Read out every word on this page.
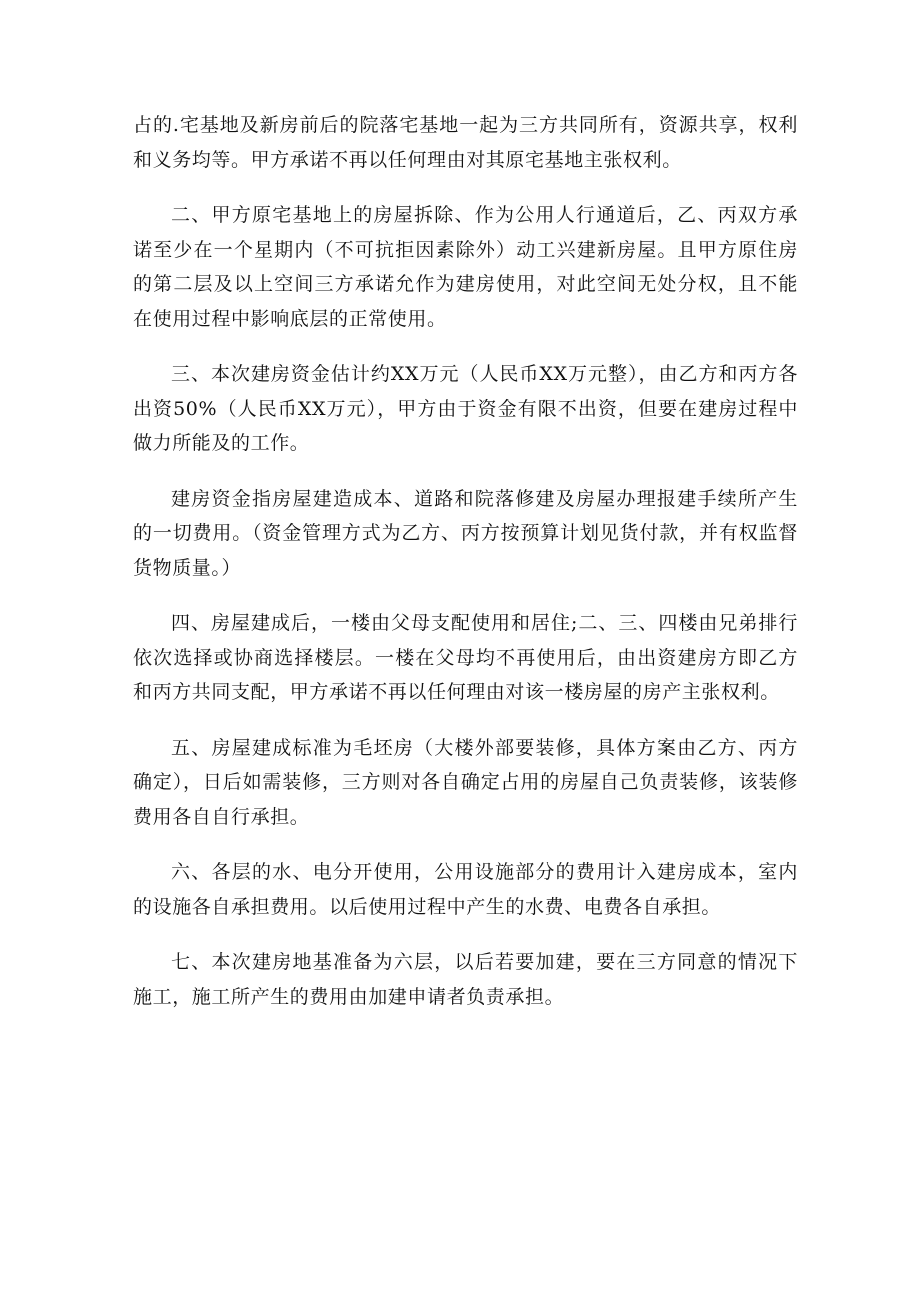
占的.宅基地及新房前后的院落宅基地一起为三方共同所有，资源共享，权利和义务均等。甲方承诺不再以任何理由对其原宅基地主张权利。

二、甲方原宅基地上的房屋拆除、作为公用人行通道后，乙、丙双方承诺至少在一个星期内（不可抗拒因素除外）动工兴建新房屋。且甲方原住房的第二层及以上空间三方承诺允作为建房使用，对此空间无处分权，且不能在使用过程中影响底层的正常使用。

三、本次建房资金估计约XX万元（人民币XX万元整），由乙方和丙方各出资50%（人民币XX万元），甲方由于资金有限不出资，但要在建房过程中做力所能及的工作。

建房资金指房屋建造成本、道路和院落修建及房屋办理报建手续所产生的一切费用。（资金管理方式为乙方、丙方按预算计划见货付款，并有权监督货物质量。）

四、房屋建成后，一楼由父母支配使用和居住;二、三、四楼由兄弟排行依次选择或协商选择楼层。一楼在父母均不再使用后，由出资建房方即乙方和丙方共同支配，甲方承诺不再以任何理由对该一楼房屋的房产主张权利。

五、房屋建成标准为毛坯房（大楼外部要装修，具体方案由乙方、丙方确定），日后如需装修，三方则对各自确定占用的房屋自己负责装修，该装修费用各自自行承担。

六、各层的水、电分开使用，公用设施部分的费用计入建房成本，室内的设施各自承担费用。以后使用过程中产生的水费、电费各自承担。

七、本次建房地基准备为六层，以后若要加建，要在三方同意的情况下施工，施工所产生的费用由加建申请者负责承担。
